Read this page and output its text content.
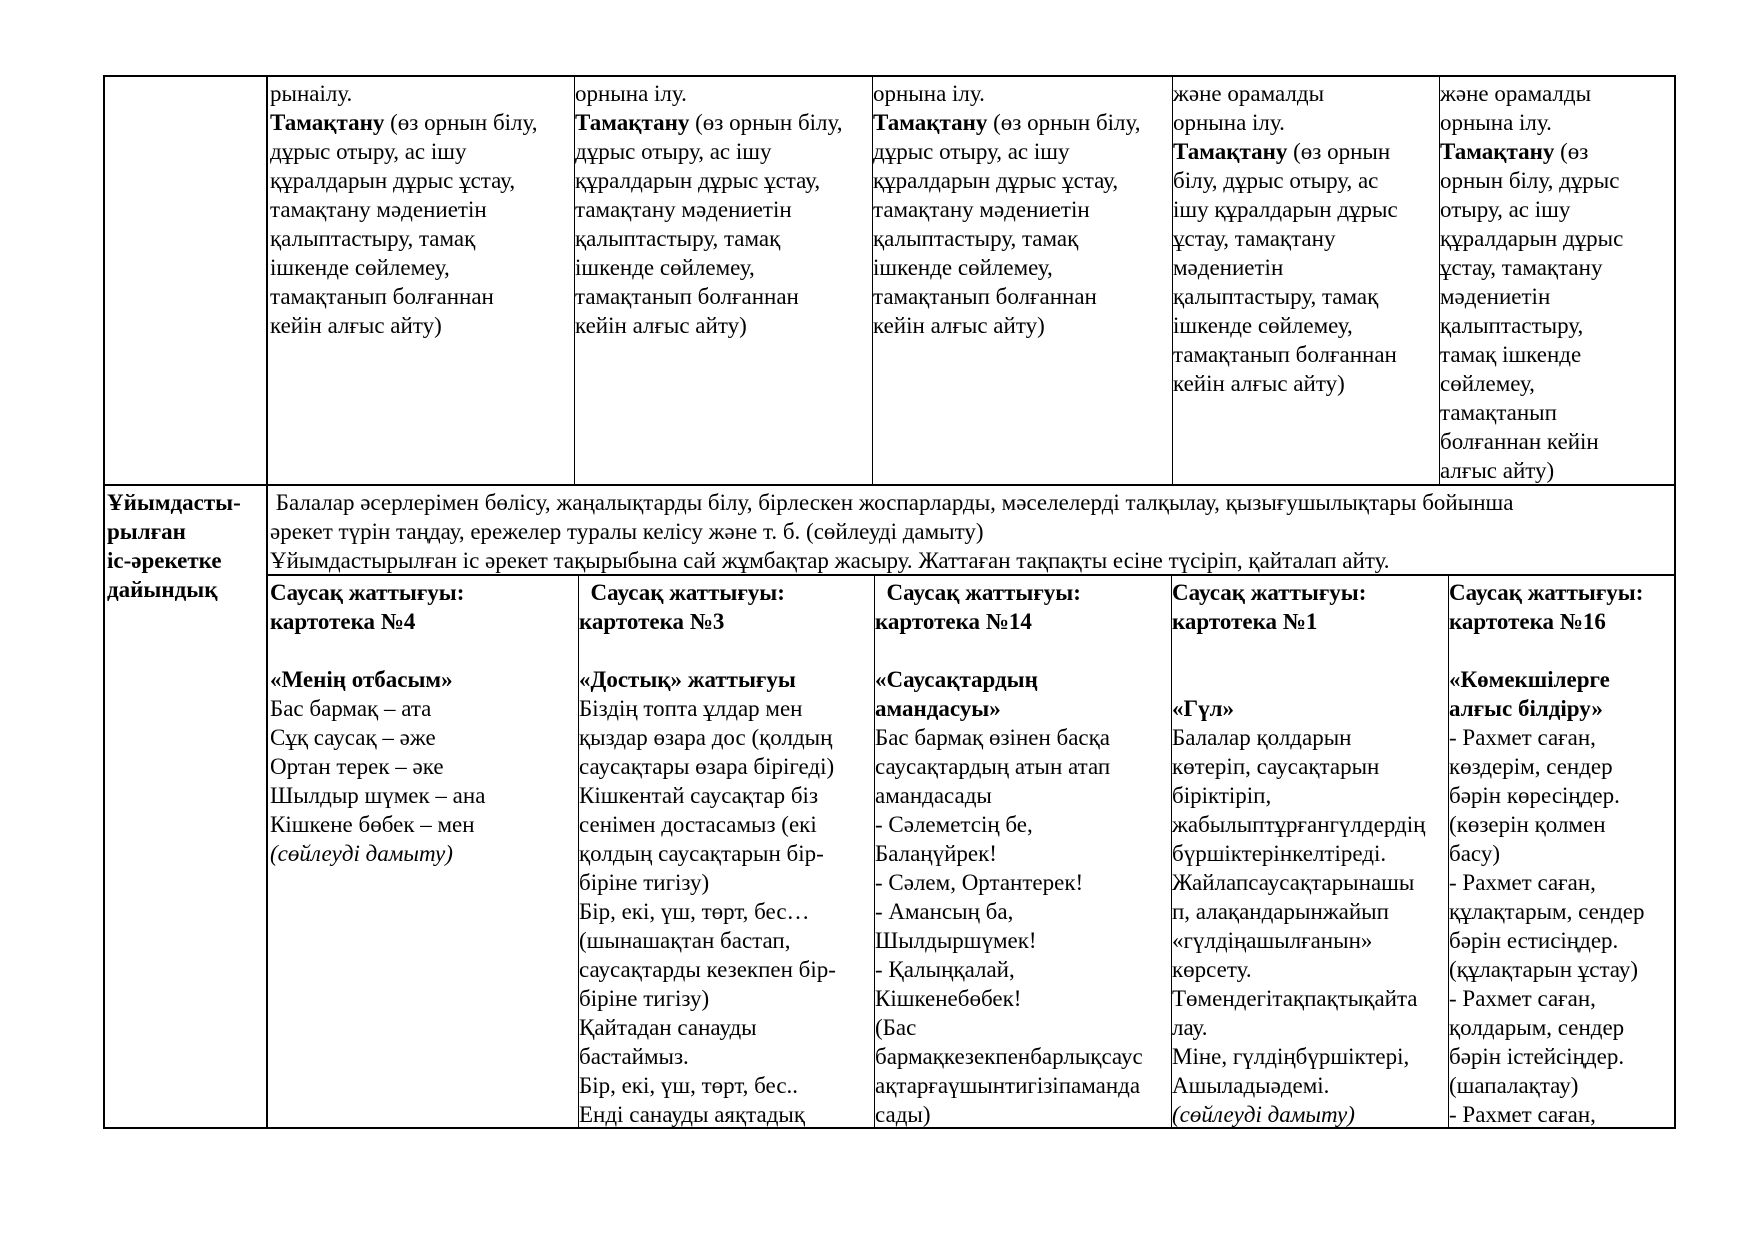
рынаілу.
Тамақтану (өз орнын білу,
дұрыс отыру, ас ішу
құралдарын дұрыс ұстау,
тамақтану мәдениетін
қалыптастыру, тамақ
ішкенде сөйлемеу,
тамақтанып болғаннан
кейін алғыс айту)
орнына ілу.
Тамақтану (өз орнын білу,
дұрыс отыру, ас ішу
құралдарын дұрыс ұстау,
тамақтану мәдениетін
қалыптастыру, тамақ
ішкенде сөйлемеу,
тамақтанып болғаннан
кейін алғыс айту)
орнына ілу.
Тамақтану (өз орнын білу,
дұрыс отыру, ас ішу
құралдарын дұрыс ұстау,
тамақтану мәдениетін
қалыптастыру, тамақ
ішкенде сөйлемеу,
тамақтанып болғаннан
кейін алғыс айту)
және орамалды
орнына ілу.
Тамақтану (өз орнын
білу, дұрыс отыру, ас
ішу құралдарын дұрыс
ұстау, тамақтану
мәдениетін
қалыптастыру, тамақ
ішкенде сөйлемеу,
тамақтанып болғаннан
кейін алғыс айту)
және орамалды
орнына ілу.
Тамақтану (өз
орнын білу, дұрыс
отыру, ас ішу
құралдарын дұрыс
ұстау, тамақтану
мәдениетін
қалыптастыру,
тамақ ішкенде
сөйлемеу,
тамақтанып
болғаннан кейін
алғыс айту)
Ұйымдасты-
рылған
іс-әрекетке
дайындық
Балалар әсерлерімен бөлісу, жаңалықтарды білу, бірлескен жоспарларды, мәселелерді талқылау, қызығушылықтары бойынша
әрекет түрін таңдау, ережелер туралы келісу және т. б. (сөйлеуді дамыту)
Ұйымдастырылған іс әрекет тақырыбына сай жұмбақтар жасыру. Жаттаған тақпақты есіне түсіріп, қайталап айту.
Саусақ жаттығуы:
картотека №4
«Менің отбасым»
Бас бармақ – ата
Сұқ саусақ – әже
Ортан терек – әке
Шылдыр шүмек – ана
Кішкене бөбек – мен
(сөйлеуді дамыту)
Саусақ жаттығуы:
картотека №3
«Достық» жаттығуы
Біздің топта ұлдар мен
қыздар өзара дос (қолдың
саусақтары өзара бірігеді)
Кішкентай саусақтар біз
сенімен достасамыз (екі
қолдың саусақтарын бір-
біріне тигізу)
Бір, екі, үш, төрт, бес…
(шынашақтан бастап,
саусақтарды кезекпен бір-
біріне тигізу)
Қайтадан санауды
бастаймыз.
Бір, екі, үш, төрт, бес..
Енді санауды аяқтадық
Саусақ жаттығуы:
картотека №14
«Саусақтардың
амандасуы»
Бас бармақ өзінен басқа
саусақтардың атын атап
амандасады
- Сәлеметсің бе,
Балаңүйрек!
- Сәлем, Ортантерек!
- Амансың ба,
Шылдыршүмек!
- Қалыңқалай,
Кішкенебөбек!
(Бас
бармақкезекпенбарлықсаус
ақтарғаүшынтигізіпаманда
сады)
Саусақ жаттығуы:
картотека №1
«Гүл»
Балалар қолдарын
көтеріп, саусақтарын
біріктіріп,
жабылыптұрғангүлдердің
бүршіктерінкелтіреді.
Жайлапсаусақтарынашы
п, алақандарынжайып
«гүлдіңашылғанын»
көрсету.
Төмендегітақпақтықайта
лау.
Міне, гүлдіңбүршіктері,
Ашыладыәдемі.
(сөйлеуді дамыту)
Саусақ жаттығуы:
картотека №16
«Көмекшілерге
алғыс білдіру»
- Рахмет саған,
көздерім, сендер
бәрін көресіңдер.
(көзерін қолмен
басу)
- Рахмет саған,
құлақтарым, сендер
бәрін естисіңдер.
(құлақтарын ұстау)
- Рахмет саған,
қолдарым, сендер
бәрін істейсіңдер.
(шапалақтау)
- Рахмет саған,
